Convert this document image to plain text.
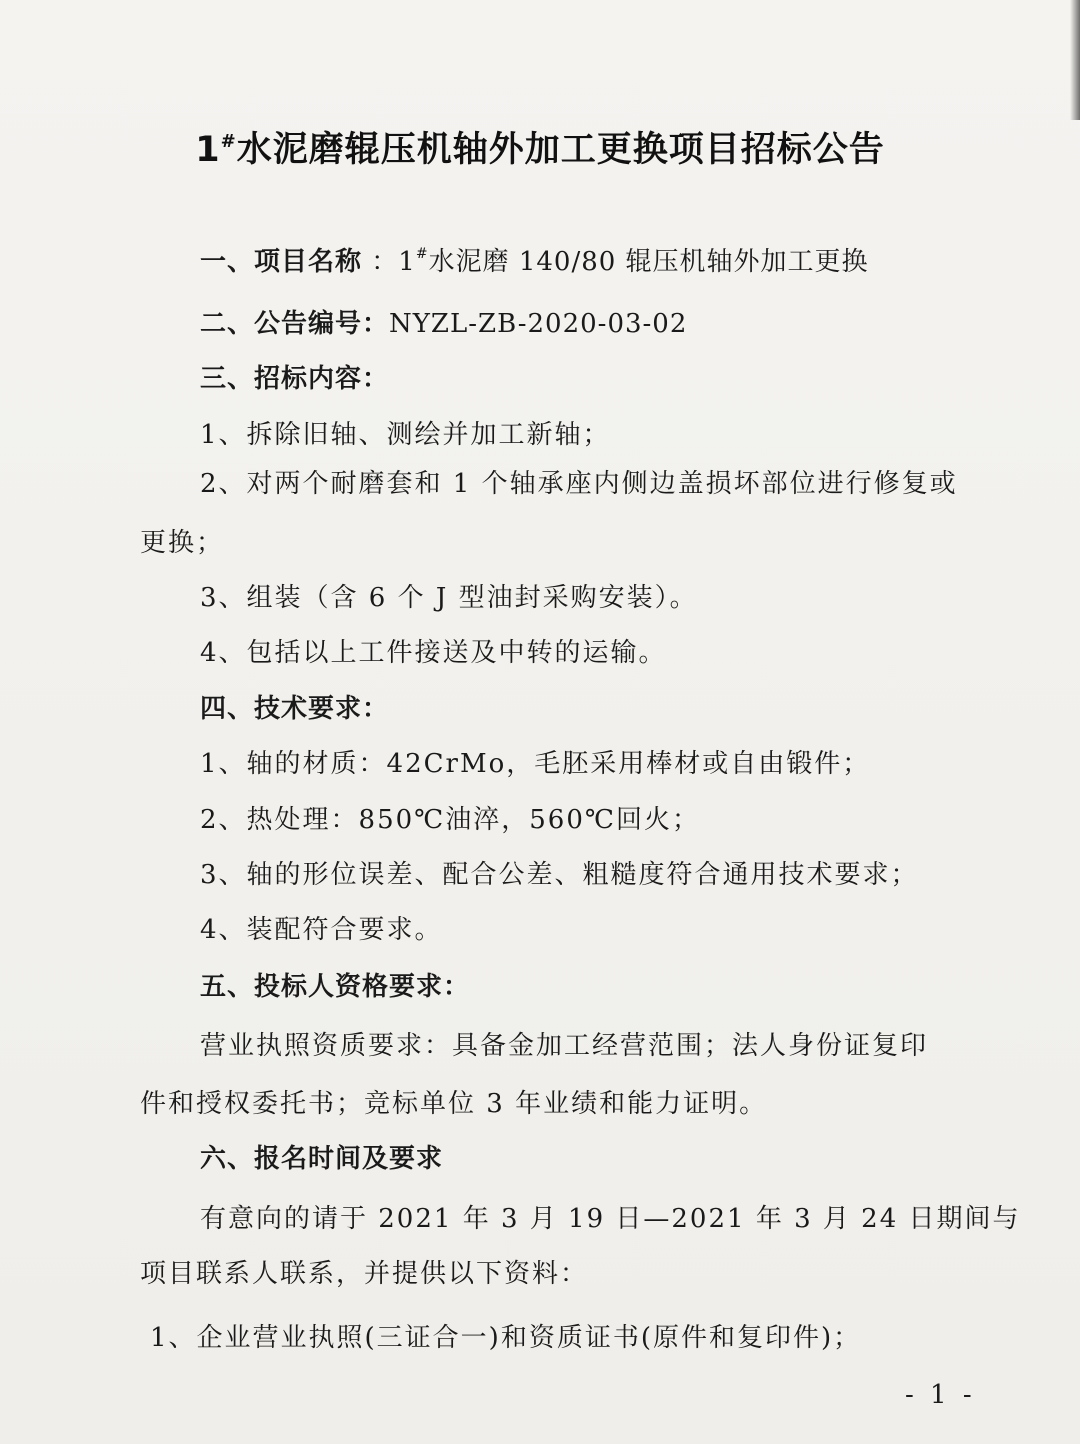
1#水泥磨辊压机轴外加工更换项目招标公告
一、项目名称 ：1#水泥磨 140/80 辊压机轴外加工更换
二、公告编号：NYZL-ZB-2020-03-02
三、招标内容：
1、拆除旧轴、测绘并加工新轴；
2、对两个耐磨套和 1 个轴承座内侧边盖损坏部位进行修复或
更换；
3、组装（含 6 个 J 型油封采购安装）。
4、包括以上工件接送及中转的运输。
四、技术要求：
1、轴的材质：42CrMo，毛胚采用棒材或自由锻件；
2、热处理：850℃油淬，560℃回火；
3、轴的形位误差、配合公差、粗糙度符合通用技术要求；
4、装配符合要求。
五、投标人资格要求：
营业执照资质要求：具备金加工经营范围；法人身份证复印
件和授权委托书；竞标单位 3 年业绩和能力证明。
六、报名时间及要求
有意向的请于 2021 年 3 月 19 日—2021 年 3 月 24 日期间与
项目联系人联系，并提供以下资料：
1、企业营业执照(三证合一)和资质证书(原件和复印件)；
- 1 -
